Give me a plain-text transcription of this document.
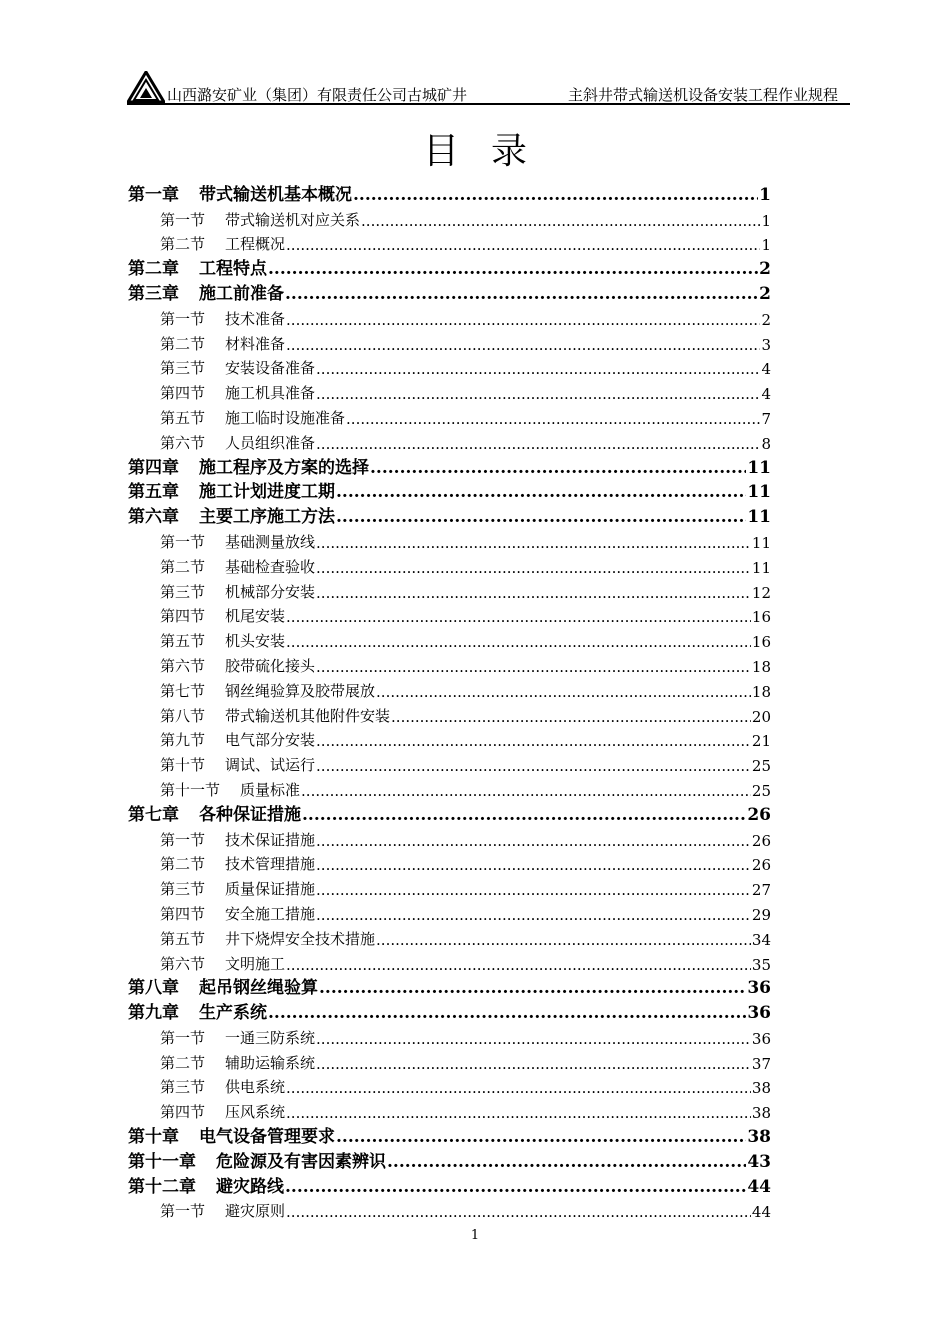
山西潞安矿业（集团）有限责任公司古城矿井	主斜井带式输送机设备安装工程作业规程
目录
第一章 带式输送机基本概况 .....	1
第一节 带式输送机对应关系 .....	1
第二节 工程概况 .....	1
第二章 工程特点 .....	2
第三章 施工前准备 .....	2
第一节 技术准备 .....	2
第二节 材料准备 .....	3
第三节 安装设备准备 .....	4
第四节 施工机具准备 .....	4
第五节 施工临时设施准备 .....	7
第六节 人员组织准备 .....	8
第四章 施工程序及方案的选择 .....	11
第五章 施工计划进度工期 .....	11
第六章 主要工序施工方法 .....	11
第一节 基础测量放线 .....	11
第二节 基础检查验收 .....	11
第三节 机械部分安装 .....	12
第四节 机尾安装 .....	16
第五节 机头安装 .....	16
第六节 胶带硫化接头 .....	18
第七节 钢丝绳验算及胶带展放 .....	18
第八节 带式输送机其他附件安装 .....	20
第九节 电气部分安装 .....	21
第十节 调试、试运行 .....	25
第十一节 质量标准 .....	25
第七章 各种保证措施 .....	26
第一节 技术保证措施 .....	26
第二节 技术管理措施 .....	26
第三节 质量保证措施 .....	27
第四节 安全施工措施 .....	29
第五节 井下烧焊安全技术措施 .....	34
第六节 文明施工 .....	35
第八章 起吊钢丝绳验算 .....	36
第九章 生产系统 .....	36
第一节 一通三防系统 .....	36
第二节 辅助运输系统 .....	37
第三节 供电系统 .....	38
第四节 压风系统 .....	38
第十章 电气设备管理要求 .....	38
第十一章 危险源及有害因素辨识 .....	43
第十二章 避灾路线 .....	44
第一节 避灾原则 .....	44
1
